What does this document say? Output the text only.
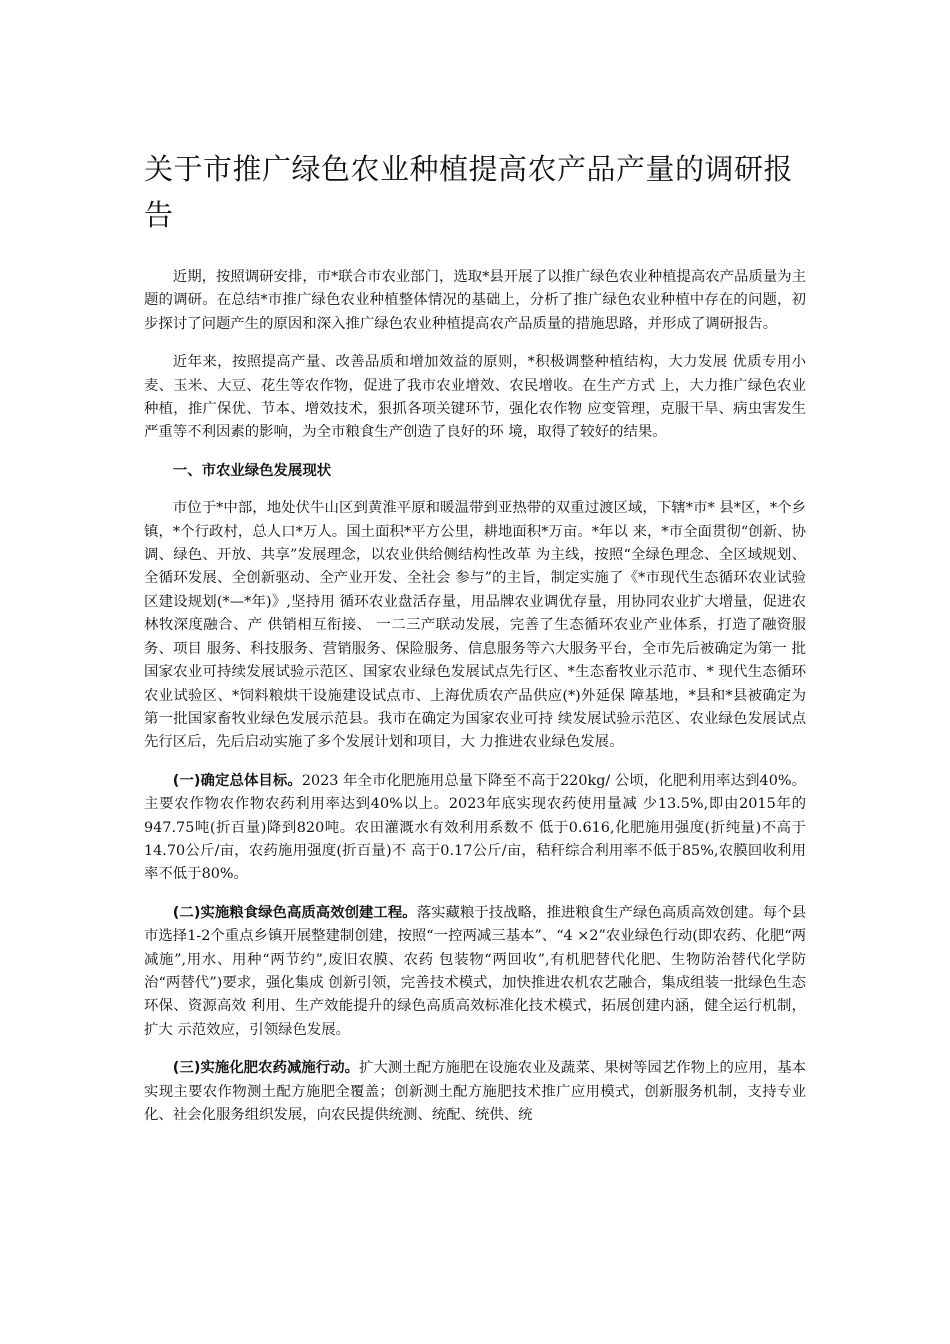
关于市推广绿色农业种植提高农产品产量的调研报告

近期，按照调研安排，市*联合市农业部门，选取*县开展了以推广绿色农业种植提高农产品质量为主题的调研。在总结*市推广绿色农业种植整体情况的基础上，分析了推广绿色农业种植中存在的问题，初步探讨了问题产生的原因和深入推广绿色农业种植提高农产品质量的措施思路，并形成了调研报告。

近年来，按照提高产量、改善品质和增加效益的原则，*积极调整种植结构，大力发展 优质专用小麦、玉米、大豆、花生等农作物，促进了我市农业增效、农民增收。在生产方式 上，大力推广绿色农业种植，推广保优、节本、增效技术，狠抓各项关键环节，强化农作物 应变管理，克服干旱、病虫害发生严重等不利因素的影响，为全市粮食生产创造了良好的环 境，取得了较好的结果。

一、市农业绿色发展现状

市位于*中部，地处伏牛山区到黄淮平原和暖温带到亚热带的双重过渡区域，下辖*市* 县*区，*个乡镇，*个行政村，总人口*万人。国土面积*平方公里，耕地面积*万亩。*年以 来，*市全面贯彻“创新、协调、绿色、开放、共享”发展理念，以农业供给侧结构性改革 为主线，按照“全绿色理念、全区域规划、全循环发展、全创新驱动、全产业开发、全社会 参与”的主旨，制定实施了《*市现代生态循环农业试验区建设规划(*—*年)》,坚持用 循环农业盘活存量，用品牌农业调优存量，用协同农业扩大增量，促进农林牧深度融合、产 供销相互衔接、 一二三产联动发展，完善了生态循环农业产业体系，打造了融资服务、项目 服务、科技服务、营销服务、保险服务、信息服务等六大服务平台，全市先后被确定为第一 批国家农业可持续发展试验示范区、国家农业绿色发展试点先行区、*生态畜牧业示范市、* 现代生态循环农业试验区、*饲料粮烘干设施建设试点市、上海优质农产品供应(*)外延保 障基地，*县和*县被确定为第一批国家畜牧业绿色发展示范县。我市在确定为国家农业可持 续发展试验示范区、农业绿色发展试点先行区后，先后启动实施了多个发展计划和项目，大 力推进农业绿色发展。

(一)确定总体目标。2023 年全市化肥施用总量下降至不高于220kg/ 公顷，化肥利用率达到40%。主要农作物农作物农药利用率达到40%以上。2023年底实现农药使用量减 少13.5%,即由2015年的947.75吨(折百量)降到820吨。农田灌溉水有效利用系数不 低于0.616,化肥施用强度(折纯量)不高于14.70公斤/亩，农药施用强度(折百量)不 高于0.17公斤/亩，秸秆综合利用率不低于85%,农膜回收利用率不低于80%。

(二)实施粮食绿色高质高效创建工程。落实藏粮于技战略，推进粮食生产绿色高质高效创建。每个县市选择1-2个重点乡镇开展整建制创建，按照“一控两减三基本”、“4 ×2”农业绿色行动(即农药、化肥“两减施”,用水、用种“两节约”,废旧农膜、农药 包装物“两回收”,有机肥替代化肥、生物防治替代化学防治“两替代”)要求，强化集成 创新引领，完善技术模式，加快推进农机农艺融合，集成组装一批绿色生态环保、资源高效 利用、生产效能提升的绿色高质高效标准化技术模式，拓展创建内涵，健全运行机制，扩大 示范效应，引领绿色发展。

(三)实施化肥农药减施行动。扩大测土配方施肥在设施农业及蔬菜、果树等园艺作物上的应用，基本实现主要农作物测土配方施肥全覆盖；创新测土配方施肥技术推广应用模式，创新服务机制，支持专业化、社会化服务组织发展，向农民提供统测、统配、统供、统
